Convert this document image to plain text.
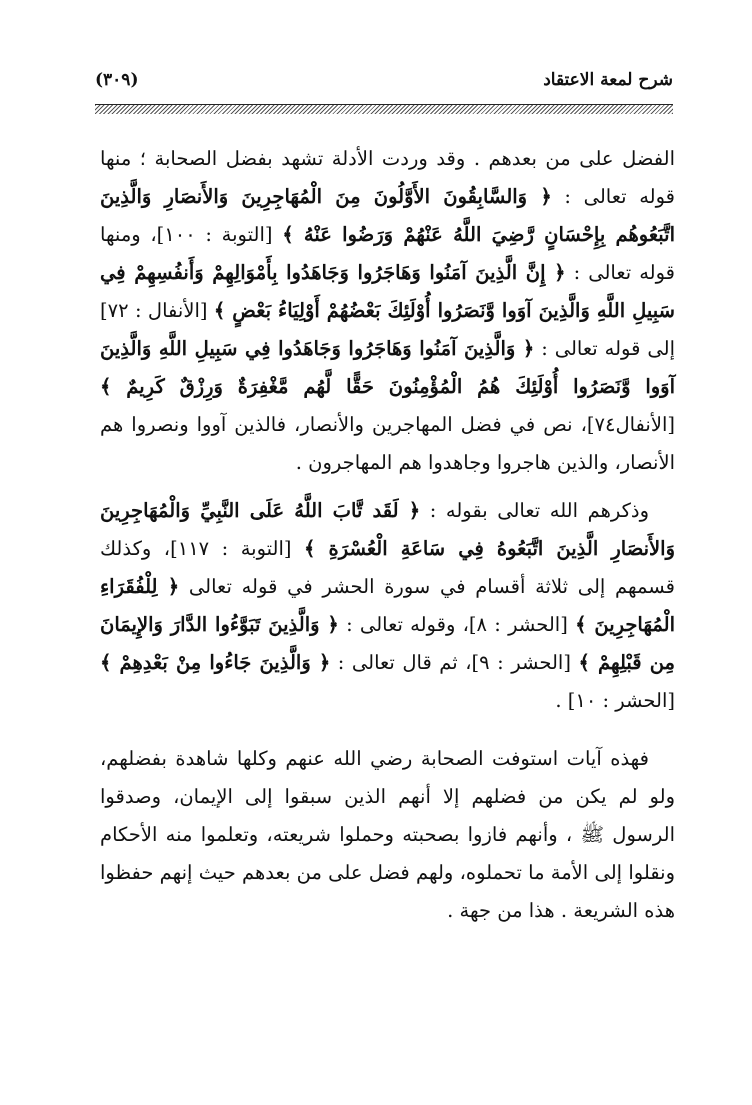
شرح لمعة الاعتقاد
(٣٠٩)

الفضل على من بعدهم . وقد وردت الأدلة تشهد بفضل الصحابة ؛ منها قوله تعالى : ﴿ وَالسَّابِقُونَ الأَوَّلُونَ مِنَ الْمُهَاجِرِينَ وَالأَنصَارِ وَالَّذِينَ اتَّبَعُوهُم بِإِحْسَانٍ رَّضِيَ اللَّهُ عَنْهُمْ وَرَضُوا عَنْهُ ﴾ [التوبة : ١٠٠]، ومنها قوله تعالى : ﴿ إِنَّ الَّذِينَ آمَنُوا وَهَاجَرُوا وَجَاهَدُوا بِأَمْوَالِهِمْ وَأَنفُسِهِمْ فِي سَبِيلِ اللَّهِ وَالَّذِينَ آوَوا وَّنَصَرُوا أُوْلَئِكَ بَعْضُهُمْ أَوْلِيَاءُ بَعْضٍ ﴾ [الأنفال : ٧٢] إلى قوله تعالى : ﴿ وَالَّذِينَ آمَنُوا وَهَاجَرُوا وَجَاهَدُوا فِي سَبِيلِ اللَّهِ وَالَّذِينَ آوَوا وَّنَصَرُوا أُوْلَئِكَ هُمُ الْمُؤْمِنُونَ حَقًّا لَّهُم مَّغْفِرَةٌ وَرِزْقٌ كَرِيمٌ ﴾ [الأنفال٧٤]، نص في فضل المهاجرين والأنصار، فالذين آووا ونصروا هم الأنصار، والذين هاجروا وجاهدوا هم المهاجرون .

وذكرهم الله تعالى بقوله : ﴿ لَقَد تَّابَ اللَّهُ عَلَى النَّبِيِّ وَالْمُهَاجِرِينَ وَالأَنصَارِ الَّذِينَ اتَّبَعُوهُ فِي سَاعَةِ الْعُسْرَةِ ﴾ [التوبة : ١١٧]، وكذلك قسمهم إلى ثلاثة أقسام في سورة الحشر في قوله تعالى ﴿ لِلْفُقَرَاءِ الْمُهَاجِرِينَ ﴾ [الحشر : ٨]، وقوله تعالى : ﴿ وَالَّذِينَ تَبَوَّءُوا الدَّارَ وَالإِيمَانَ مِن قَبْلِهِمْ ﴾ [الحشر : ٩]، ثم قال تعالى : ﴿ وَالَّذِينَ جَاءُوا مِنْ بَعْدِهِمْ ﴾ [الحشر : ١٠] .

فهذه آيات استوفت الصحابة رضي الله عنهم وكلها شاهدة بفضلهم، ولو لم يكن من فضلهم إلا أنهم الذين سبقوا إلى الإيمان، وصدقوا الرسول ﷺ ، وأنهم فازوا بصحبته وحملوا شريعته، وتعلموا منه الأحكام ونقلوا إلى الأمة ما تحملوه، ولهم فضل على من بعدهم حيث إنهم حفظوا هذه الشريعة . هذا من جهة .
